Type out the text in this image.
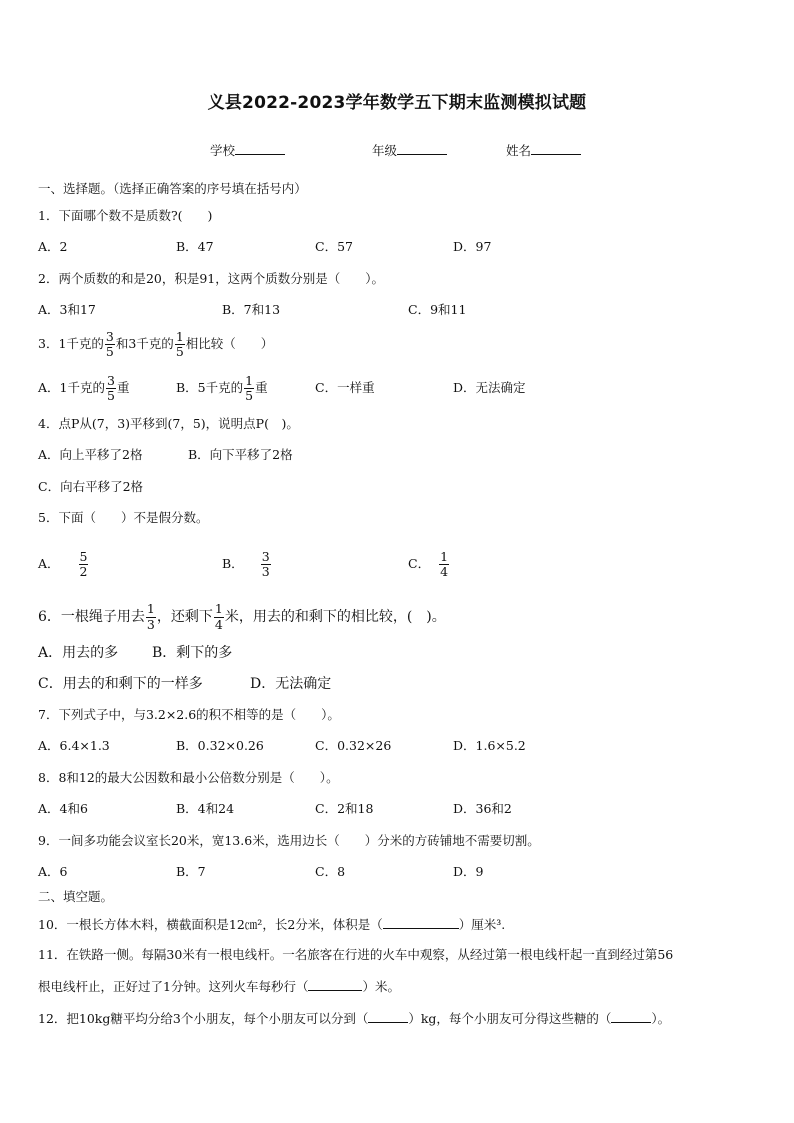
义县2022-2023学年数学五下期末监测模拟试题
学校	年级	姓名
一、选择题。（选择正确答案的序号填在括号内）
1．下面哪个数不是质数?(　　)
A．2	B．47	C．57	D．97
2．两个质数的和是20，积是91，这两个质数分别是（　　）。
A．3和17	B．7和13	C．9和11
3．1千克的 $\frac{3}{5}$ 和3千克的 $\frac{1}{5}$ 相比较（　　）
A．1千克的 $\frac{3}{5}$ 重	B．5千克的 $\frac{1}{5}$ 重	C．一样重	D．无法确定
4．点P从(7，3)平移到(7，5)，说明点P(　)。
A．向上平移了2格	B．向下平移了2格
C．向右平移了2格
5．下面（　　）不是假分数。
A． $\frac{5}{2}$	B． $\frac{3}{3}$	C． $\frac{1}{4}$
6．一根绳子用去 $\frac{1}{3}$ ，还剩下 $\frac{1}{4}$ 米，用去的和剩下的相比较，(　)。
A．用去的多 B．剩下的多
C．用去的和剩下的一样多	D．无法确定
7．下列式子中，与3.2×2.6的积不相等的是（　　）。
A．6.4×1.3	B．0.32×0.26	C．0.32×26	D．1.6×5.2
8．8和12的最大公因数和最小公倍数分别是（　　）。
A．4和6	B．4和24	C．2和18	D．36和2
9．一间多功能会议室长20米，宽13.6米，选用边长（　　）分米的方砖铺地不需要切割。
A．6	B．7	C．8	D．9
二、填空题。
10．一根长方体木料，横截面积是12㎝²，长2分米，体积是（	）厘米³.
11．在铁路一侧。每隔30米有一根电线杆。一名旅客在行进的火车中观察，从经过第一根电线杆起一直到经过第56
根电线杆止，正好过了1分钟。这列火车每秒行（	）米。
12．把10kg糖平均分给3个小朋友，每个小朋友可以分到（	）kg，每个小朋友可分得这些糖的（	）。
